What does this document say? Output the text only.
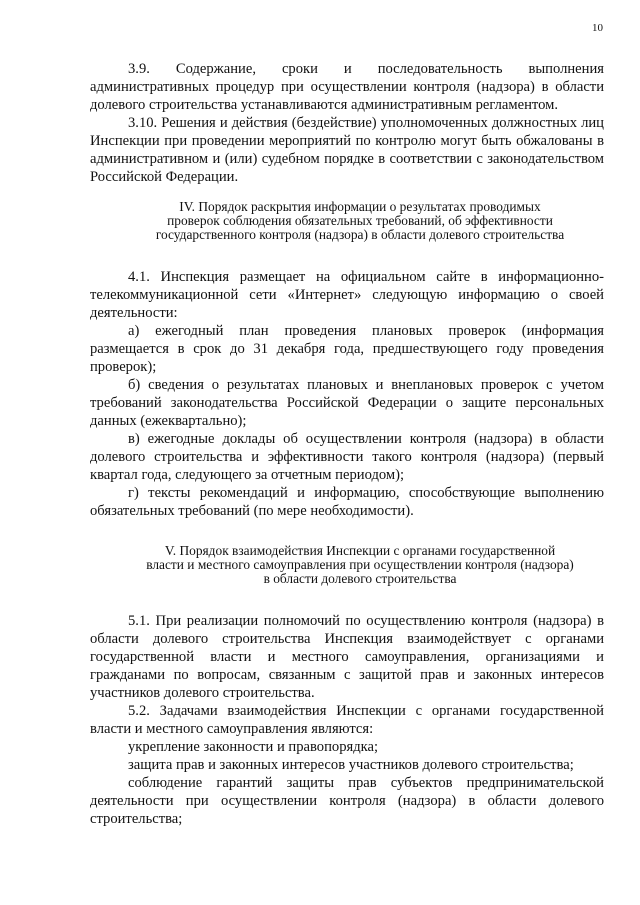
10

3.9. Содержание, сроки и последовательность выполнения административных процедур при осуществлении контроля (надзора) в области долевого строительства устанавливаются административным регламентом.

3.10. Решения и действия (бездействие) уполномоченных должностных лиц Инспекции при проведении мероприятий по контролю могут быть обжалованы в административном и (или) судебном порядке в соответствии с законодательством Российской Федерации.

IV. Порядок раскрытия информации о результатах проводимых
проверок соблюдения обязательных требований, об эффективности
государственного контроля (надзора) в области долевого строительства

4.1. Инспекция размещает на официальном сайте в информационно-телекоммуникационной сети «Интернет» следующую информацию о своей деятельности:

а) ежегодный план проведения плановых проверок (информация размещается в срок до 31 декабря года, предшествующего году проведения проверок);

б) сведения о результатах плановых и внеплановых проверок с учетом требований законодательства Российской Федерации о защите персональных данных (ежеквартально);

в) ежегодные доклады об осуществлении контроля (надзора) в области долевого строительства и эффективности такого контроля (надзора) (первый квартал года, следующего за отчетным периодом);

г) тексты рекомендаций и информацию, способствующие выполнению обязательных требований (по мере необходимости).

V. Порядок взаимодействия Инспекции с органами государственной
власти и местного самоуправления при осуществлении контроля (надзора)
в области долевого строительства

5.1. При реализации полномочий по осуществлению контроля (надзора) в области долевого строительства Инспекция взаимодействует с органами государственной власти и местного самоуправления, организациями и гражданами по вопросам, связанным с защитой прав и законных интересов участников долевого строительства.

5.2. Задачами взаимодействия Инспекции с органами государственной власти и местного самоуправления являются:

укрепление законности и правопорядка;

защита прав и законных интересов участников долевого строительства;

соблюдение гарантий защиты прав субъектов предпринимательской деятельности при осуществлении контроля (надзора) в области долевого строительства;
